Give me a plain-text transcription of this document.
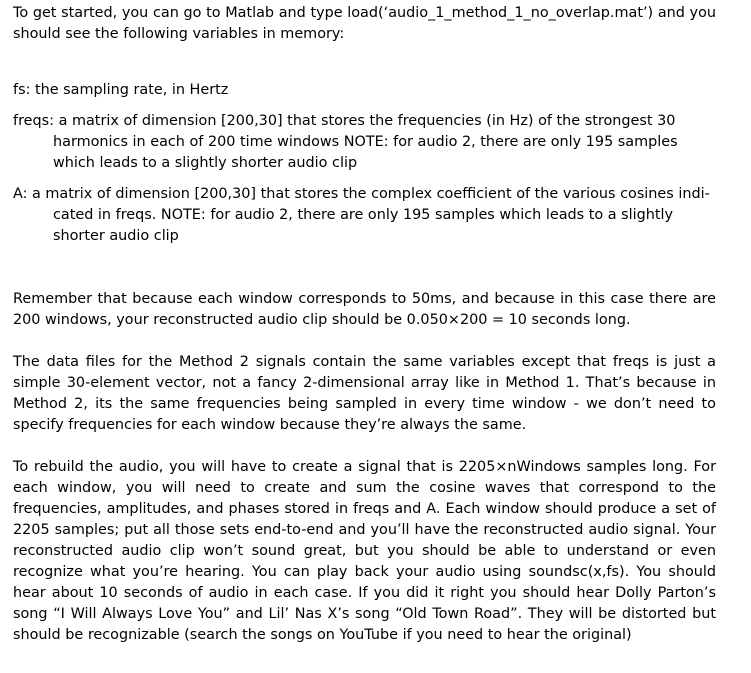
To get started, you can go to Matlab and type load(‘audio_1_method_1_no_overlap.mat’) and you should see the following variables in memory:

fs: the sampling rate, in Hertz

freqs: a matrix of dimension [200,30] that stores the frequencies (in Hz) of the strongest 30 harmonics in each of 200 time windows NOTE: for audio 2, there are only 195 samples which leads to a slightly shorter audio clip

A: a matrix of dimension [200,30] that stores the complex coefficient of the various cosines indi-cated in freqs. NOTE: for audio 2, there are only 195 samples which leads to a slightly shorter audio clip

Remember that because each window corresponds to 50ms, and because in this case there are 200 windows, your reconstructed audio clip should be 0.050×200 = 10 seconds long.

The data files for the Method 2 signals contain the same variables except that freqs is just a simple 30-element vector, not a fancy 2-dimensional array like in Method 1. That’s because in Method 2, its the same frequencies being sampled in every time window - we don’t need to specify frequencies for each window because they’re always the same.

To rebuild the audio, you will have to create a signal that is 2205×nWindows samples long. For each window, you will need to create and sum the cosine waves that correspond to the frequencies, amplitudes, and phases stored in freqs and A. Each window should produce a set of 2205 samples; put all those sets end-to-end and you’ll have the reconstructed audio signal. Your reconstructed audio clip won’t sound great, but you should be able to understand or even recognize what you’re hearing. You can play back your audio using soundsc(x,fs). You should hear about 10 seconds of audio in each case. If you did it right you should hear Dolly Parton’s song “I Will Always Love You” and Lil’ Nas X’s song “Old Town Road”. They will be distorted but should be recognizable (search the songs on YouTube if you need to hear the original)
